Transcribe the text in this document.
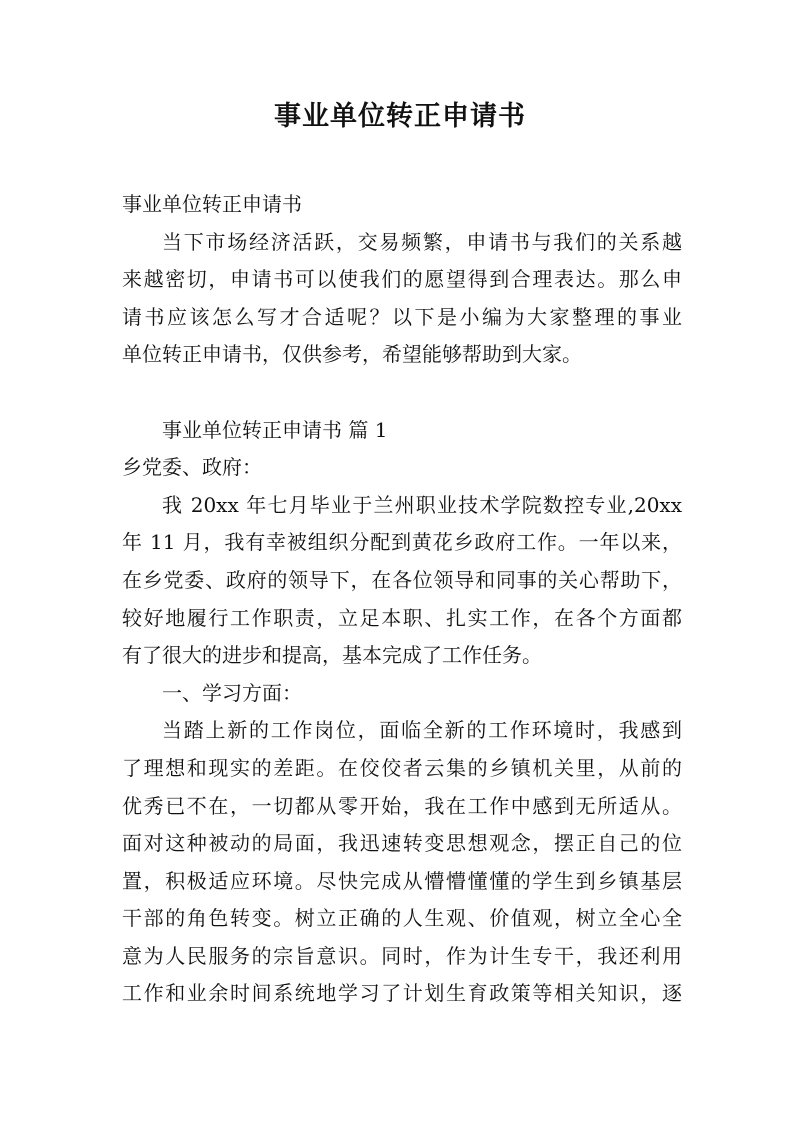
事业单位转正申请书
事业单位转正申请书
当下市场经济活跃，交易频繁，申请书与我们的关系越
来越密切，申请书可以使我们的愿望得到合理表达。那么申
请书应该怎么写才合适呢？以下是小编为大家整理的事业
单位转正申请书，仅供参考，希望能够帮助到大家。
事业单位转正申请书 篇 1
乡党委、政府：
我 20xx 年七月毕业于兰州职业技术学院数控专业,20xx
年 11 月，我有幸被组织分配到黄花乡政府工作。一年以来，
在乡党委、政府的领导下，在各位领导和同事的关心帮助下，
较好地履行工作职责，立足本职、扎实工作，在各个方面都
有了很大的进步和提高，基本完成了工作任务。
一、学习方面：
当踏上新的工作岗位，面临全新的工作环境时，我感到
了理想和现实的差距。在佼佼者云集的乡镇机关里，从前的
优秀已不在，一切都从零开始，我在工作中感到无所适从。
面对这种被动的局面，我迅速转变思想观念，摆正自己的位
置，积极适应环境。尽快完成从懵懵懂懂的学生到乡镇基层
干部的角色转变。树立正确的人生观、价值观，树立全心全
意为人民服务的宗旨意识。同时，作为计生专干，我还利用
工作和业余时间系统地学习了计划生育政策等相关知识，逐
